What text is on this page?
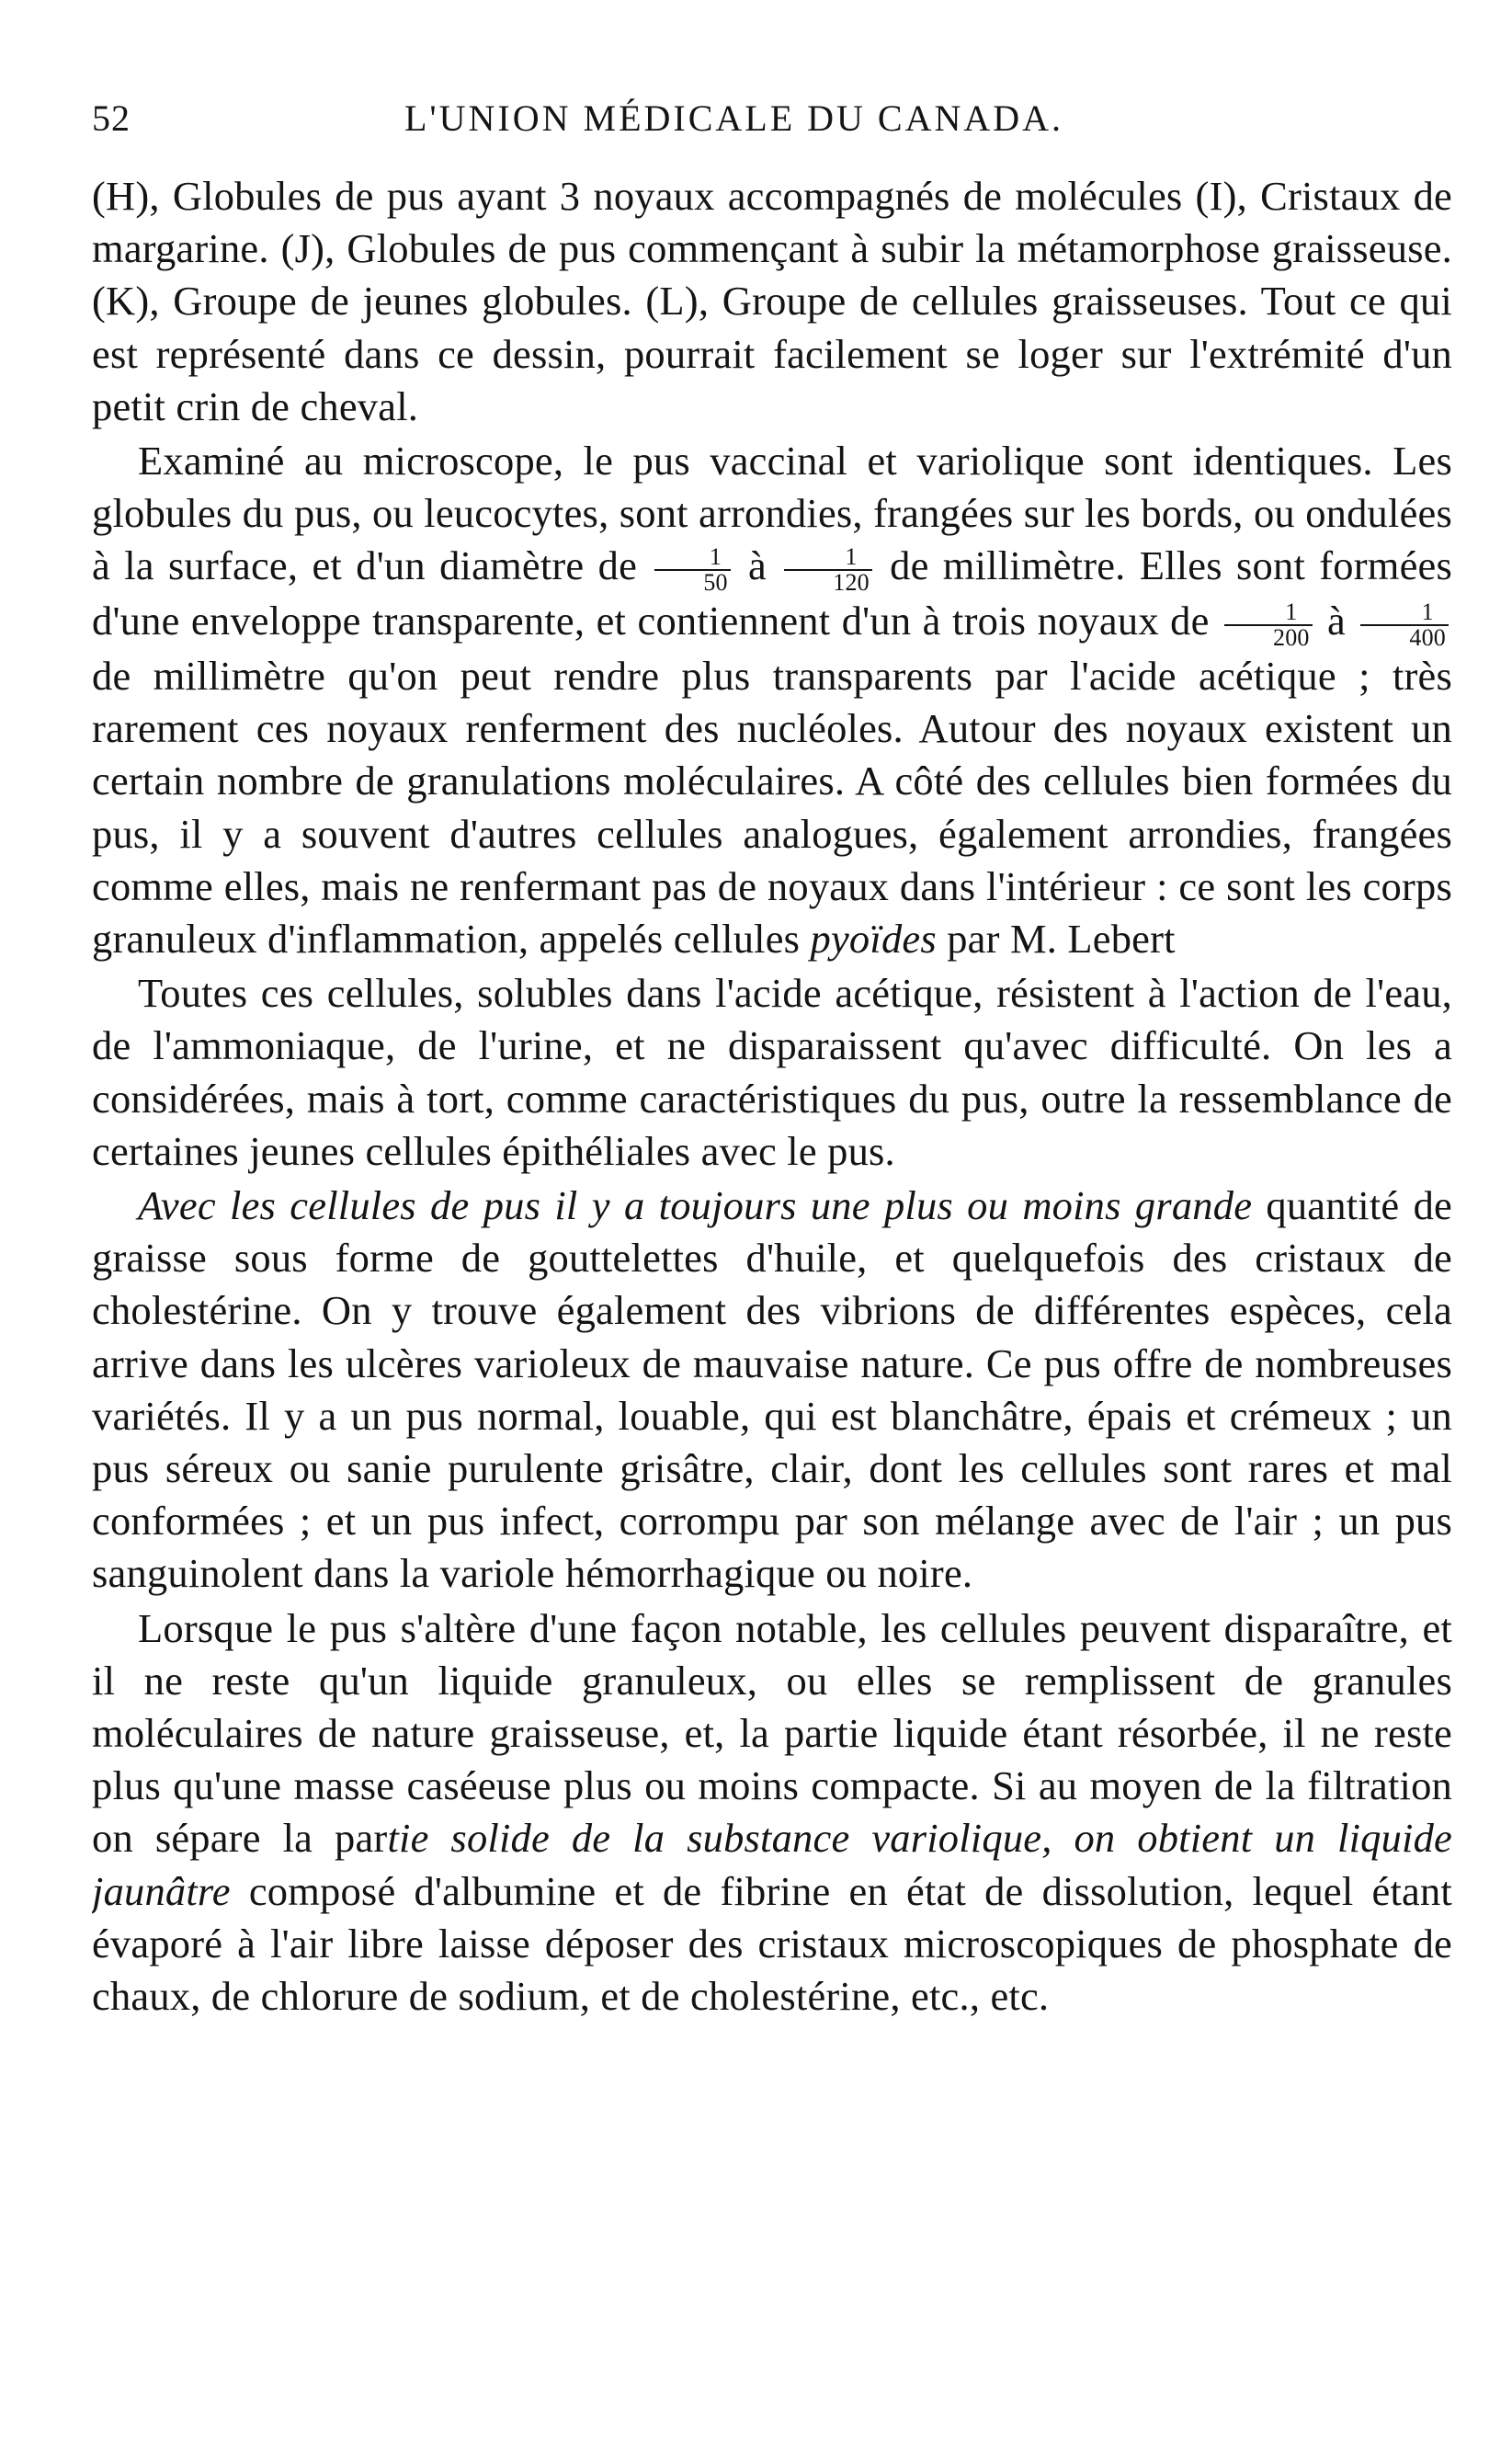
52	L'UNION MÉDICALE DU CANADA.

(H), Globules de pus ayant 3 noyaux accompagnés de molécules (I), Cristaux de margarine. (J), Globules de pus commençant à subir la métamorphose graisseuse. (K), Groupe de jeunes globules. (L), Groupe de cellules graisseuses. Tout ce qui est représenté dans ce dessin, pourrait facilement se loger sur l'extrémité d'un petit crin de cheval.

Examiné au microscope, le pus vaccinal et variolique sont identiques. Les globules du pus, ou leucocytes, sont arrondies, frangées sur les bords, ou ondulées à la surface, et d'un diamètre de $\frac{1}{50}$ à $\frac{1}{120}$ de millimètre. Elles sont formées d'une enveloppe transparente, et contiennent d'un à trois noyaux de $\frac{1}{200}$ à $\frac{1}{400}$
de millimètre qu'on peut rendre plus transparents par l'acide acétique ; très rarement ces noyaux renferment des nucléoles. Autour des noyaux existent un certain nombre de granulations moléculaires. A côté des cellules bien formées du pus, il y a souvent d'autres cellules analogues, également arrondies, frangées comme elles, mais ne renfermant pas de noyaux dans l'intérieur : ce sont les corps granuleux d'inflammation, appelés cellules pyoïdes par M. Lebert

Toutes ces cellules, solubles dans l'acide acétique, résistent à l'action de l'eau, de l'ammoniaque, de l'urine, et ne disparaissent qu'avec difficulté. On les a considérées, mais à tort, comme caractéristiques du pus, outre la ressemblance de certaines jeunes cellules épithéliales avec le pus.

Avec les cellules de pus il y a toujours une plus ou moins grande quantité de graisse sous forme de gouttelettes d'huile, et quelquefois des cristaux de cholestérine. On y trouve également des vibrions de différentes espèces, cela arrive dans les ulcères varioleux de mauvaise nature. Ce pus offre de nombreuses variétés. Il y a un pus normal, louable, qui est blanchâtre, épais et crémeux ; un pus séreux ou sanie purulente grisâtre, clair, dont les cellules sont rares et mal conformées ; et un pus infect, corrompu par son mélange avec de l'air ; un pus sanguinolent dans la variole hémorrhagique ou noire.

Lorsque le pus s'altère d'une façon notable, les cellules peuvent disparaître, et il ne reste qu'un liquide granuleux, ou elles se remplissent de granules moléculaires de nature graisseuse, et, la partie liquide étant résorbée, il ne reste plus qu'une masse caséeuse plus ou moins compacte. Si au moyen de la filtration on sépare la partie solide de la substance variolique, on obtient un liquide jaunâtre composé d'albumine et de fibrine en état de dissolution, lequel étant évaporé à l'air libre laisse déposer des cristaux microscopiques de phosphate de chaux, de chlorure de sodium, et de cholestérine, etc., etc.
